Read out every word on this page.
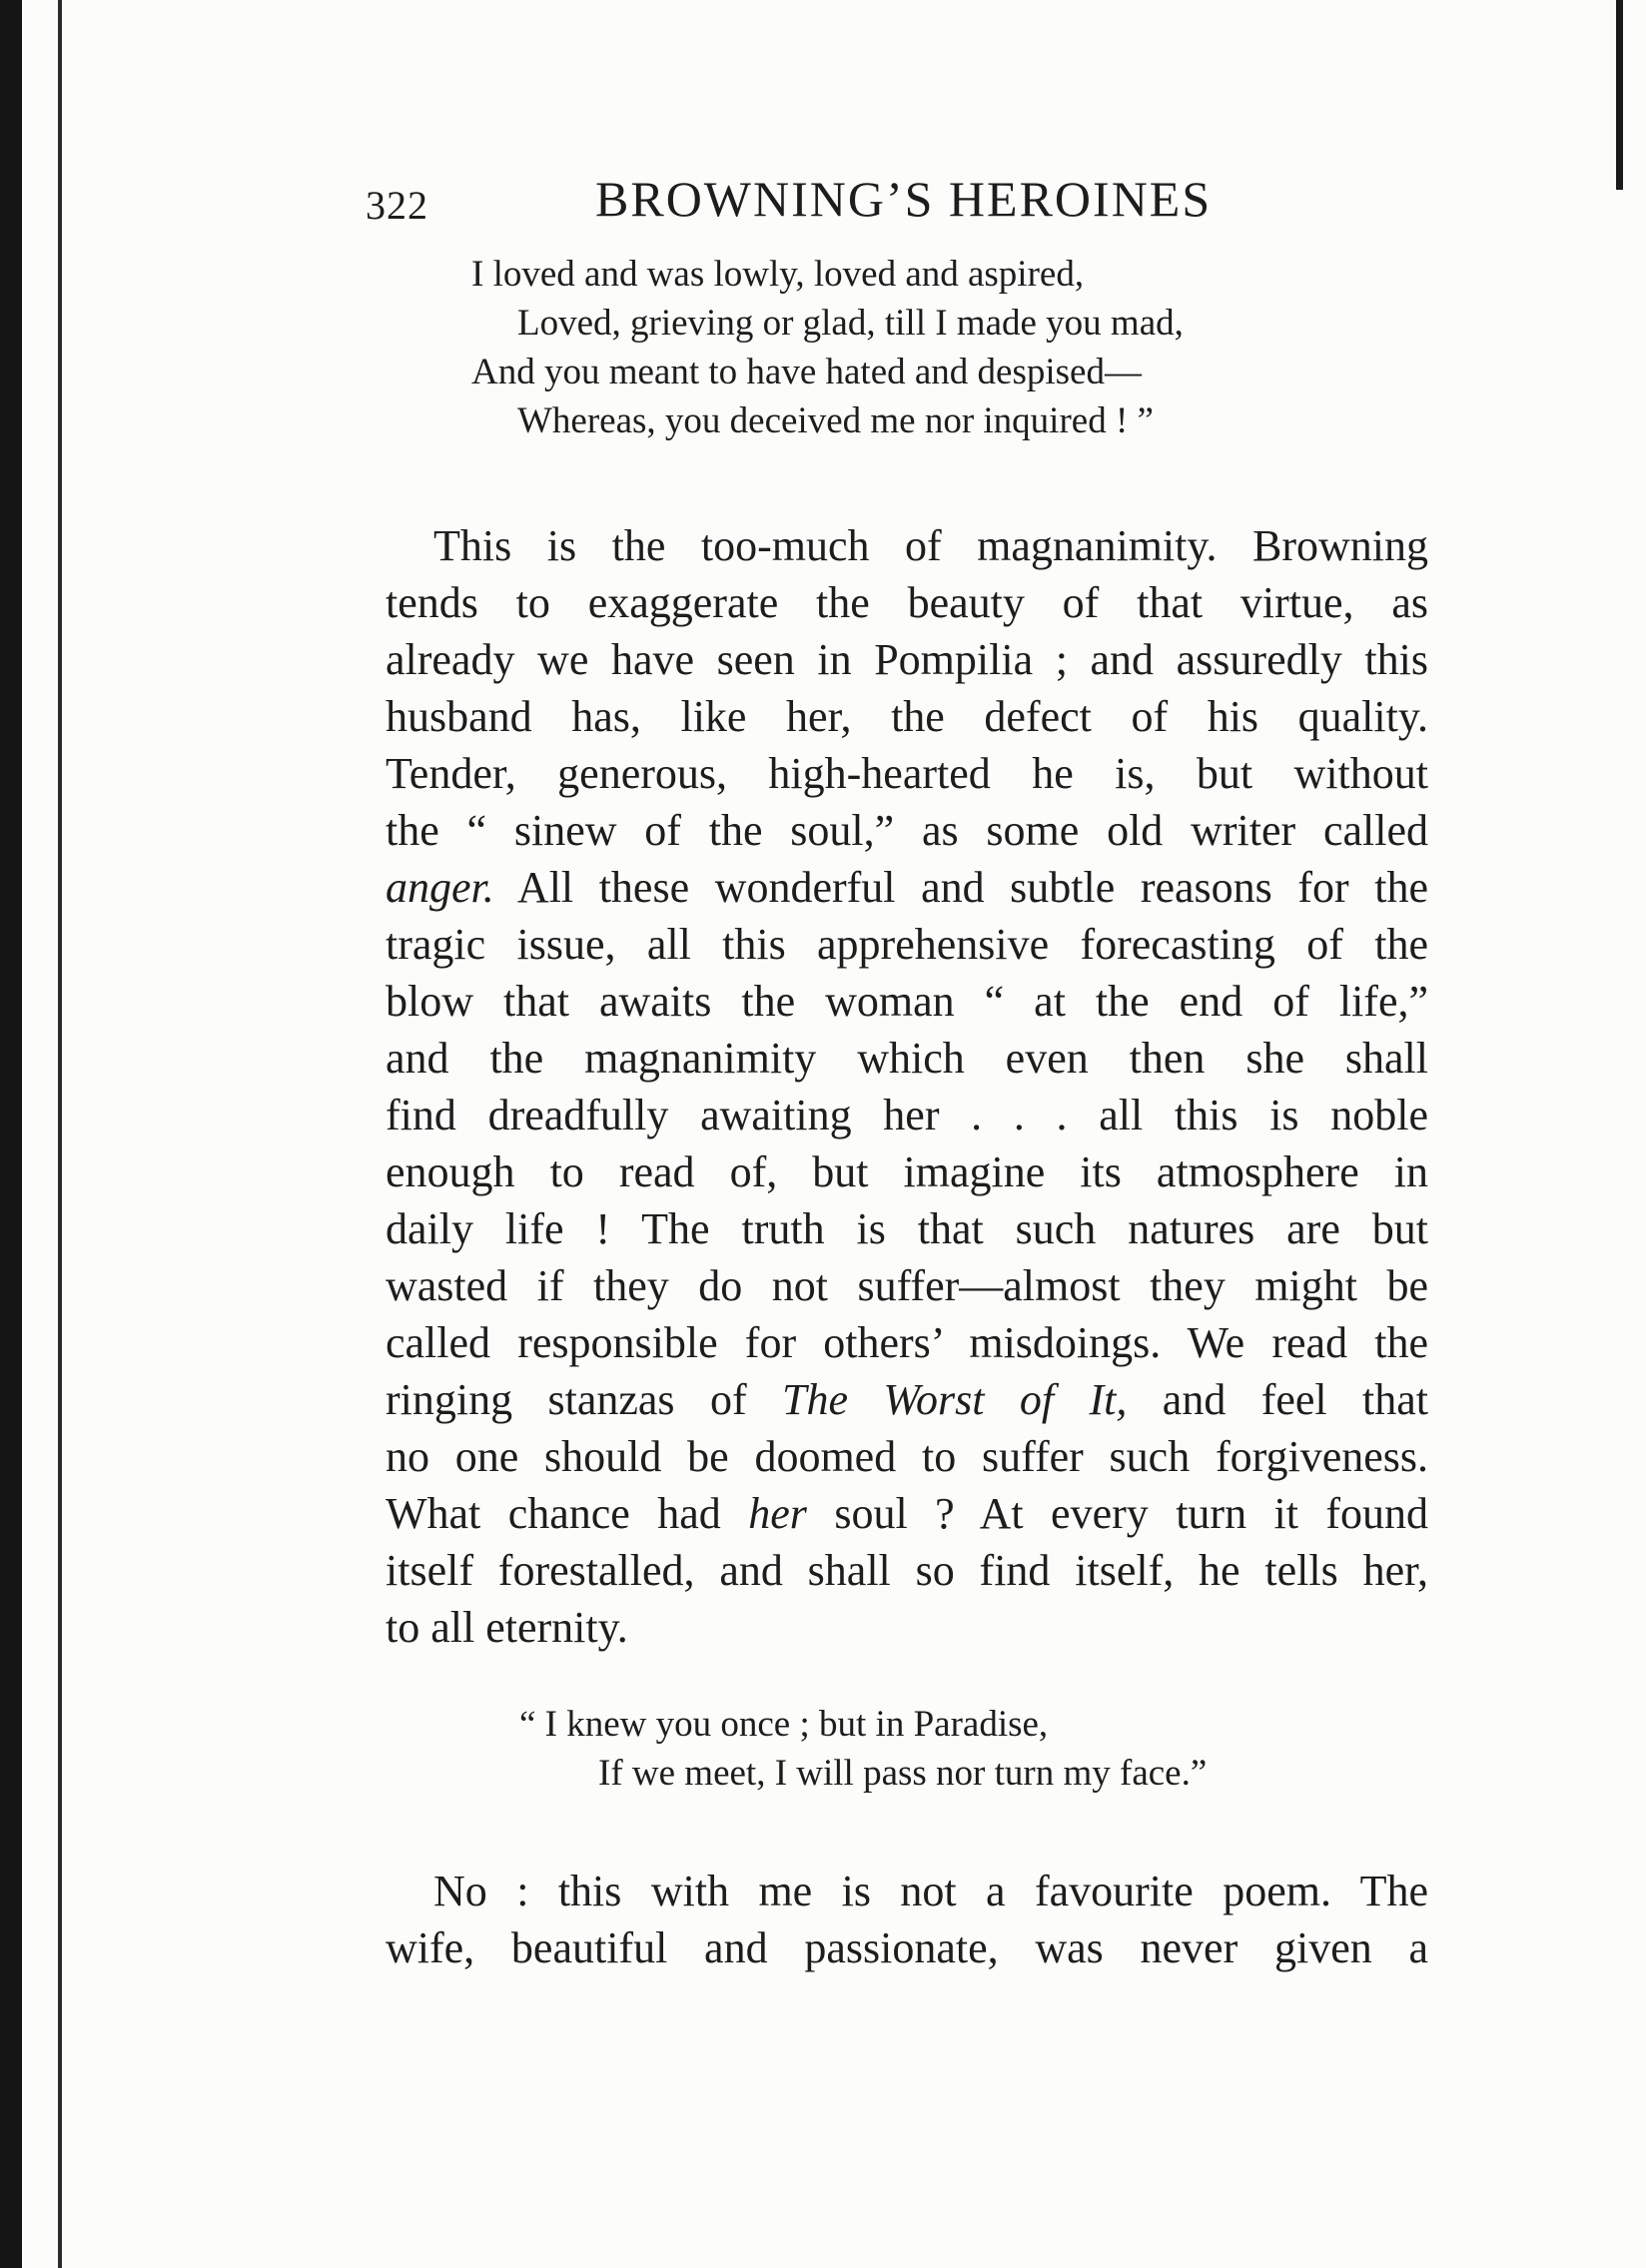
322	BROWNING’S HEROINES
I loved and was lowly, loved and aspired,
Loved, grieving or glad, till I made you mad,
And you meant to have hated and despised—
Whereas, you deceived me nor inquired ! ”

This is the too-much of magnanimity. Browning
tends to exaggerate the beauty of that virtue, as
already we have seen in Pompilia ; and assuredly this
husband has, like her, the defect of his quality.
Tender, generous, high-hearted he is, but without
the “ sinew of the soul,” as some old writer called
anger. All these wonderful and subtle reasons for the
tragic issue, all this apprehensive forecasting of the
blow that awaits the woman “ at the end of life,”
and the magnanimity which even then she shall
find dreadfully awaiting her . . . all this is noble
enough to read of, but imagine its atmosphere in
daily life ! The truth is that such natures are but
wasted if they do not suffer—almost they might be
called responsible for others’ misdoings. We read the
ringing stanzas of The Worst of It, and feel that
no one should be doomed to suffer such forgiveness.
What chance had her soul ? At every turn it found
itself forestalled, and shall so find itself, he tells her,
to all eternity.

“ I knew you once ; but in Paradise,
If we meet, I will pass nor turn my face.”

No : this with me is not a favourite poem. The
wife, beautiful and passionate, was never given a
